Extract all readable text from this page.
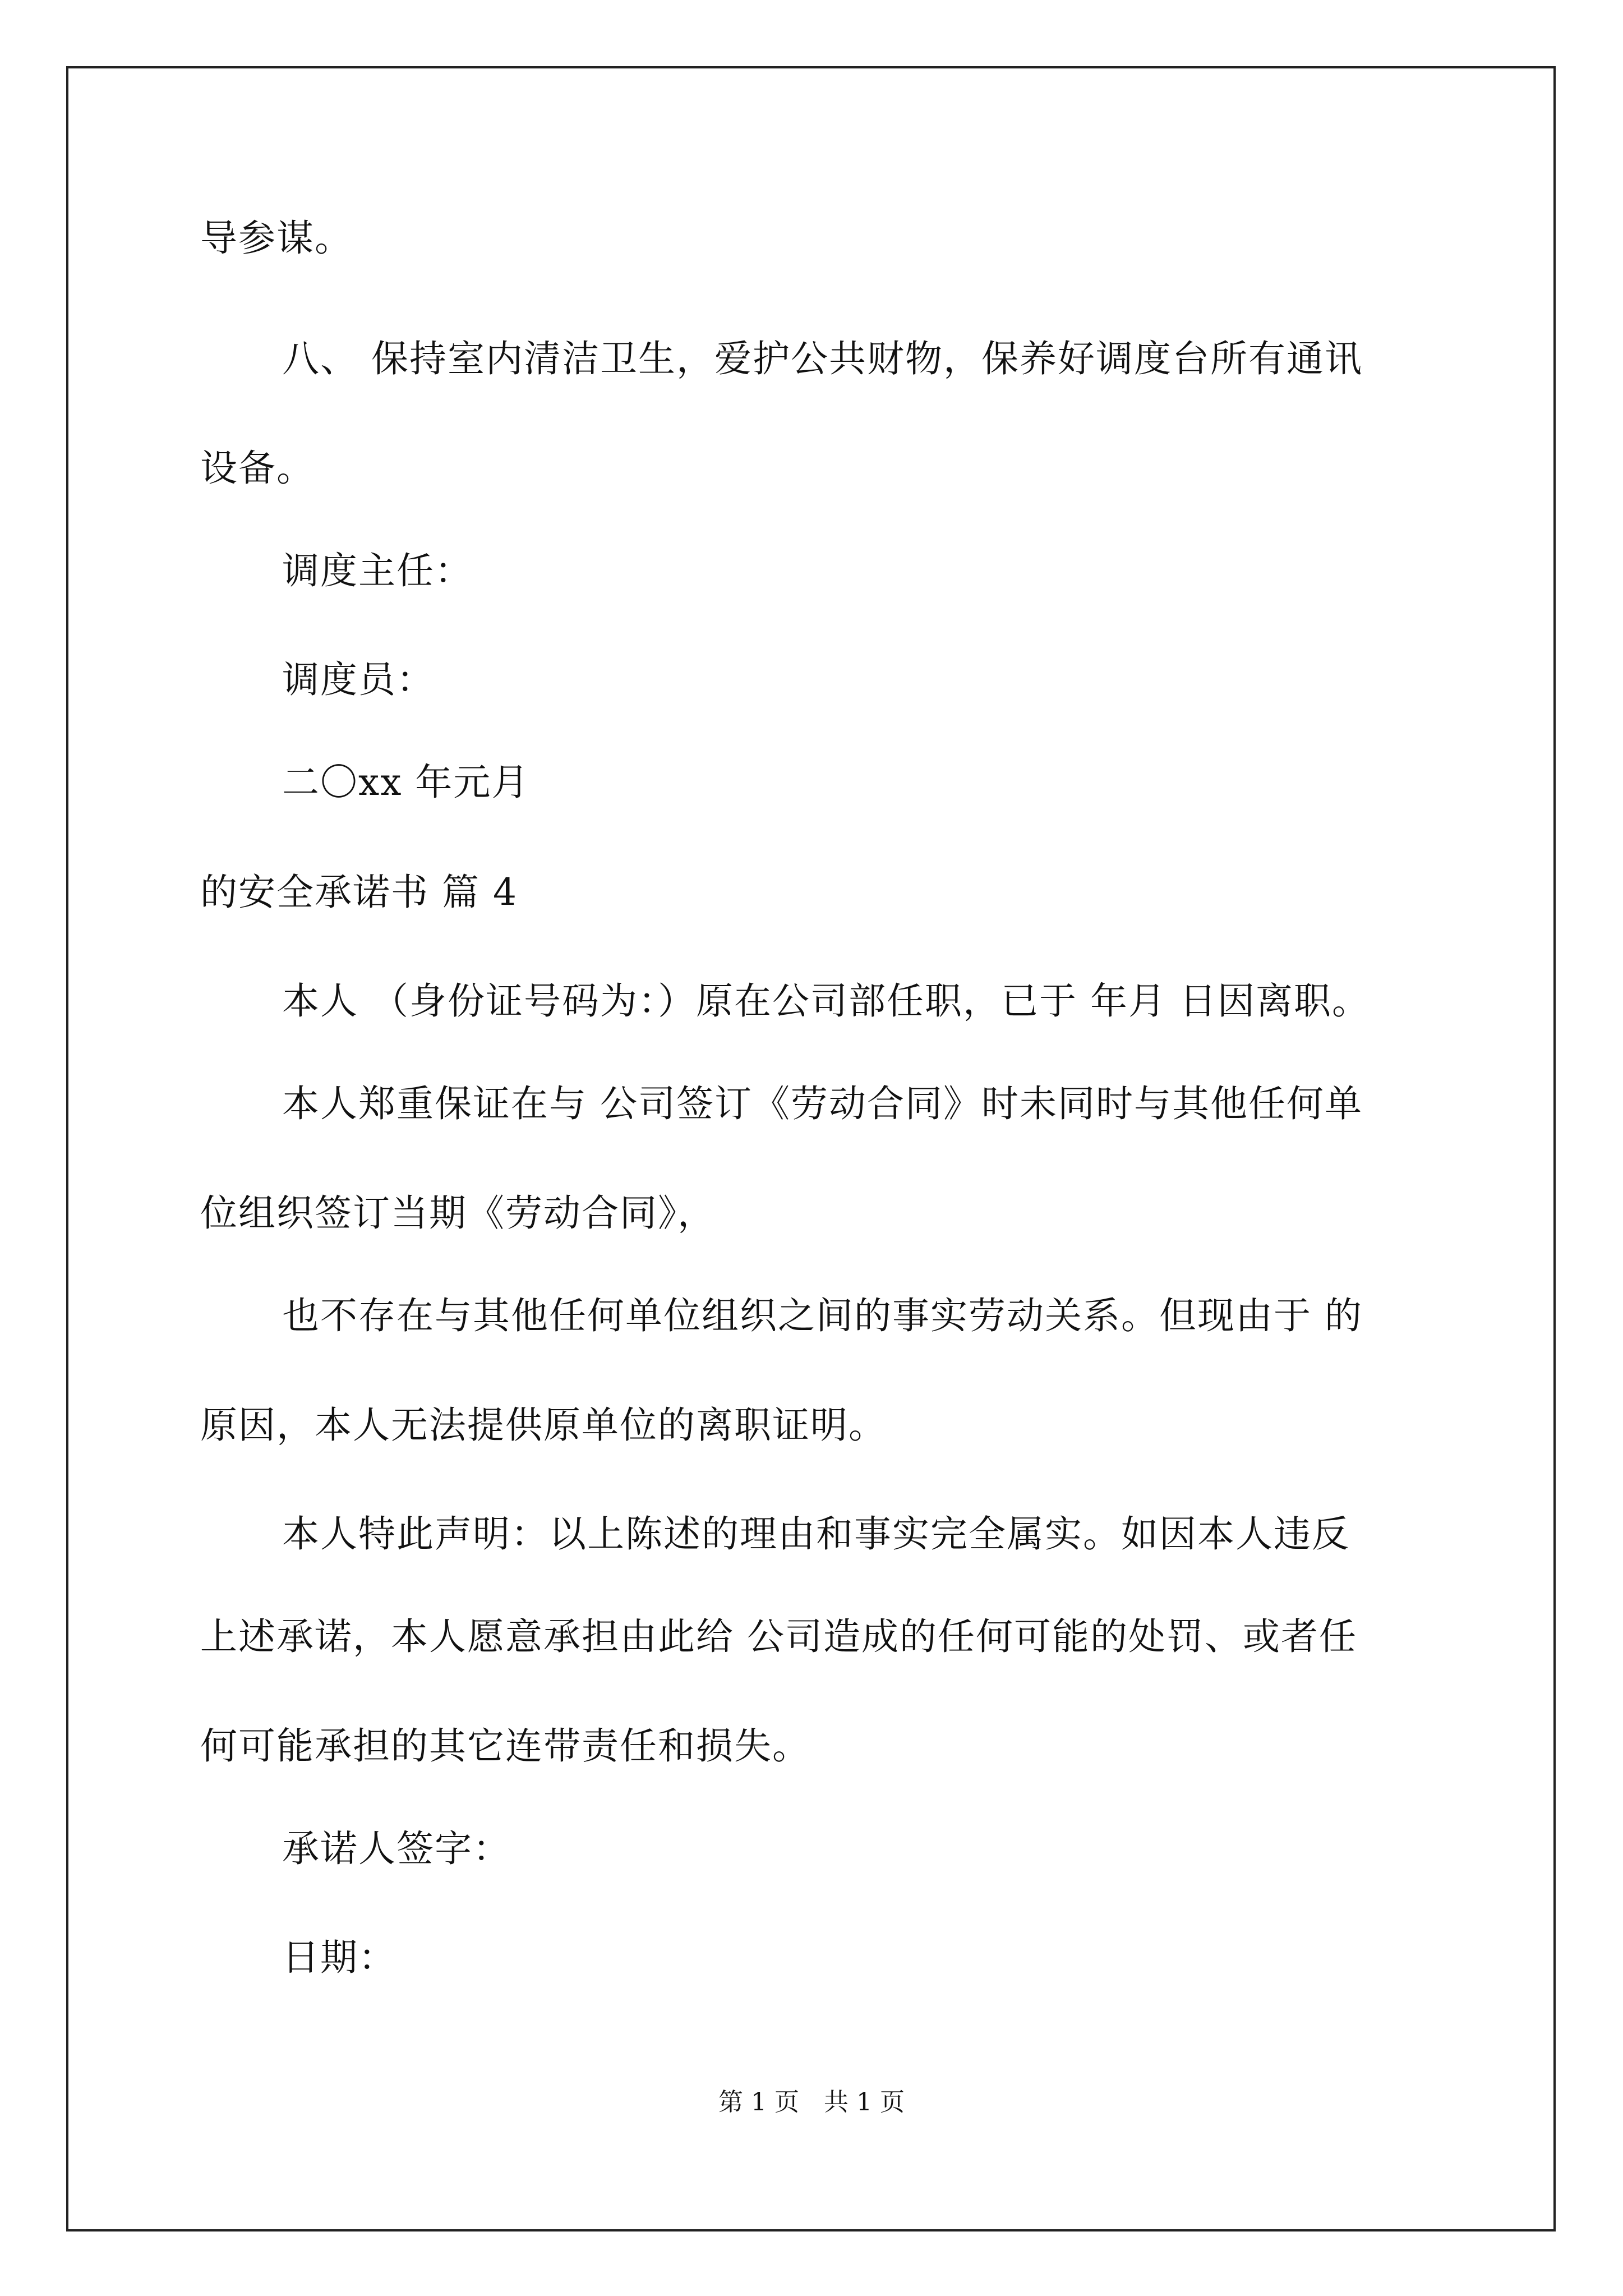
导参谋。
八、 保持室内清洁卫生，爱护公共财物，保养好调度台所有通讯
设备。
调度主任：
调度员：
二〇xx 年元月
的安全承诺书 篇 4
本人 （身份证号码为：）原在公司部任职，已于 年月 日因离职。
本人郑重保证在与 公司签订《劳动合同》时未同时与其他任何单
位组织签订当期《劳动合同》，
也不存在与其他任何单位组织之间的事实劳动关系。但现由于 的
原因，本人无法提供原单位的离职证明。
本人特此声明：以上陈述的理由和事实完全属实。如因本人违反
上述承诺，本人愿意承担由此给 公司造成的任何可能的处罚、或者任
何可能承担的其它连带责任和损失。
承诺人签字：
日期：
第 1 页　共 1 页
